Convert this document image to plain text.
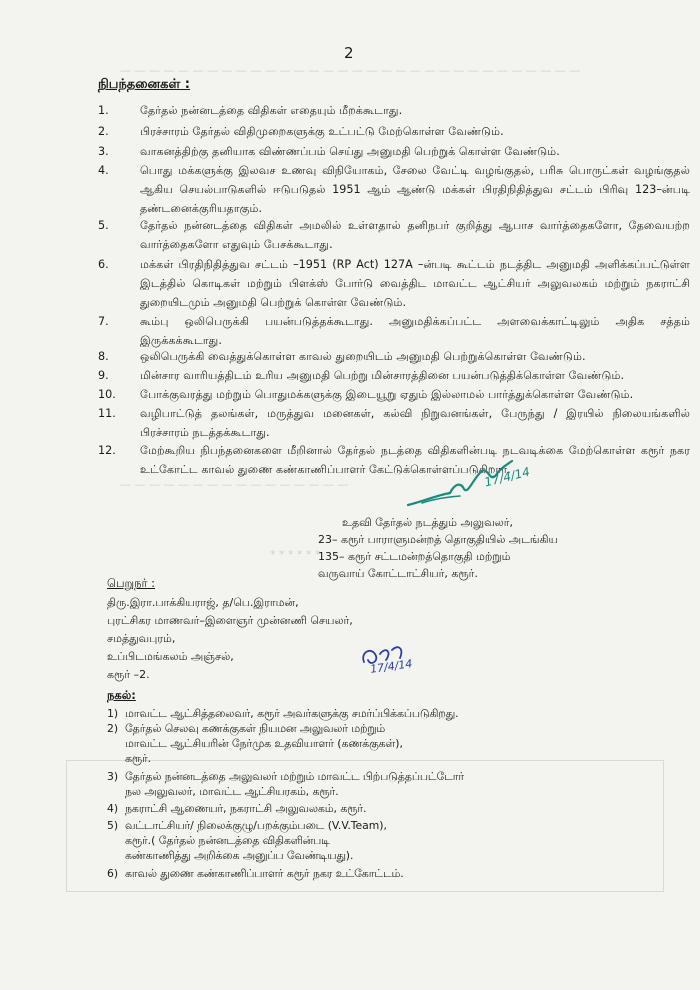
— — — — — — — — — — — — — — — — — — — — — — — — — — — — — — — —
— — — — — — — — — — — — — — — —
* * * * * *
2
நிபந்தனைகள் :
1.	தேர்தல் நன்னடத்தை விதிகள் எதையும் மீறக்கூடாது.
2.	பிரச்சாரம் தேர்தல் விதிமுறைகளுக்கு உட்பட்டு மேற்கொள்ள வேண்டும்.
3.	வாகனத்திற்கு தனியாக விண்ணப்பம் செய்து அனுமதி பெற்றுக் கொள்ள வேண்டும்.
4.	பொது மக்களுக்கு இலவச உணவு விநியோகம், சேலை வேட்டி வழங்குதல், பரிசு பொருட்கள் வழங்குதல் ஆகிய செயல்பாடுகளில் ஈடுபடுதல் 1951 ஆம் ஆண்டு மக்கள் பிரதிநிதித்துவ சட்டம் பிரிவு 123–ன்படி தண்டனைக்குரியதாகும்.
5.	தேர்தல் நன்னடத்தை விதிகள் அமலில் உள்ளதால் தனிநபர் குறித்து ஆபாச வார்த்தைகளோ, தேவையற்ற வார்த்தைகளோ எதுவும் பேசக்கூடாது.
6.	மக்கள் பிரதிநிதித்துவ சட்டம் –1951 (RP Act) 127A –ன்படி கூட்டம் நடத்திட அனுமதி அளிக்கப்பட்டுள்ள இடத்தில் கொடிகள் மற்றும் பிளக்ஸ் போர்டு வைத்திட மாவட்ட ஆட்சியர் அலுவலகம் மற்றும் நகராட்சி துறையிடமும் அனுமதி பெற்றுக் கொள்ள வேண்டும்.
7.	கூம்பு ஒலிபெருக்கி பயன்படுத்தக்கூடாது. அனுமதிக்கப்பட்ட அளவைக்காட்டிலும் அதிக சத்தம் இருக்கக்கூடாது.
8.	ஒலிபெருக்கி வைத்துக்கொள்ள காவல் துறையிடம் அனுமதி பெற்றுக்கொள்ள வேண்டும்.
9.	மின்சார வாரியத்திடம் உரிய அனுமதி பெற்று மின்சாரத்தினை பயன்படுத்திக்கொள்ள வேண்டும்.
10.	போக்குவரத்து மற்றும் பொதுமக்களுக்கு இடையூறு ஏதும் இல்லாமல் பார்த்துக்கொள்ள வேண்டும்.
11.	வழிபாட்டுத் தலங்கள், மருத்துவ மனைகள், கல்வி நிறுவனங்கள், பேருந்து / இரயில் நிலையங்களில் பிரச்சாரம் நடத்தக்கூடாது.
12.	மேற்கூறிய நிபந்தனைகளை மீறினால் தேர்தல் நடத்தை விதிகளின்படி நடவடிக்கை மேற்கொள்ள கரூர் நகர உட்கோட்ட காவல் துணை கண்காணிப்பாளர் கேட்டுக்கொள்ளப்படுகிறார்.
17/4/14
உதவி தேர்தல் நடத்தும் அலுவலர்,
23– கரூர் பாராளுமன்றத் தொகுதியில் அடங்கிய
135– கரூர் சட்டமன்றத்தொகுதி மற்றும்
வருவாய் கோட்டாட்சியர், கரூர்.
பெறுநர் :
திரு.இரா.பாக்கியராஜ், த/பெ.இராமன்,
புரட்சிகர மாணவர்–இளைஞர் முன்னணி செயலர்,
சமத்துவபுரம்,
உப்பிடமங்கலம் அஞ்சல்,
கரூர் –2.	17/4/14
நகல்:
1) மாவட்ட ஆட்சித்தலைவர், கரூர் அவர்களுக்கு சமர்ப்பிக்கப்படுகிறது.
2) தேர்தல் செலவு கணக்குகள் நியமன அலுவலர் மற்றும்
மாவட்ட ஆட்சியரின் நேர்முக உதவியாளர் (கணக்குகள்),
கரூர்.
3) தேர்தல் நன்னடத்தை அலுவலர் மற்றும் மாவட்ட பிற்படுத்தப்பட்டோர்
நல அலுவலர், மாவட்ட ஆட்சியரகம், கரூர்.
4) நகராட்சி ஆணையர், நகராட்சி அலுவலகம், கரூர்.
5) வட்டாட்சியர்/ நிலைக்குழு/பறக்கும்படை (V.V.Team),
கரூர்.( தேர்தல் நன்னடத்தை விதிகளின்படி
கண்காணித்து அறிக்கை அனுப்ப வேண்டியது).
6) காவல் துணை கண்காணிப்பாளர் கரூர் நகர உட்கோட்டம்.
